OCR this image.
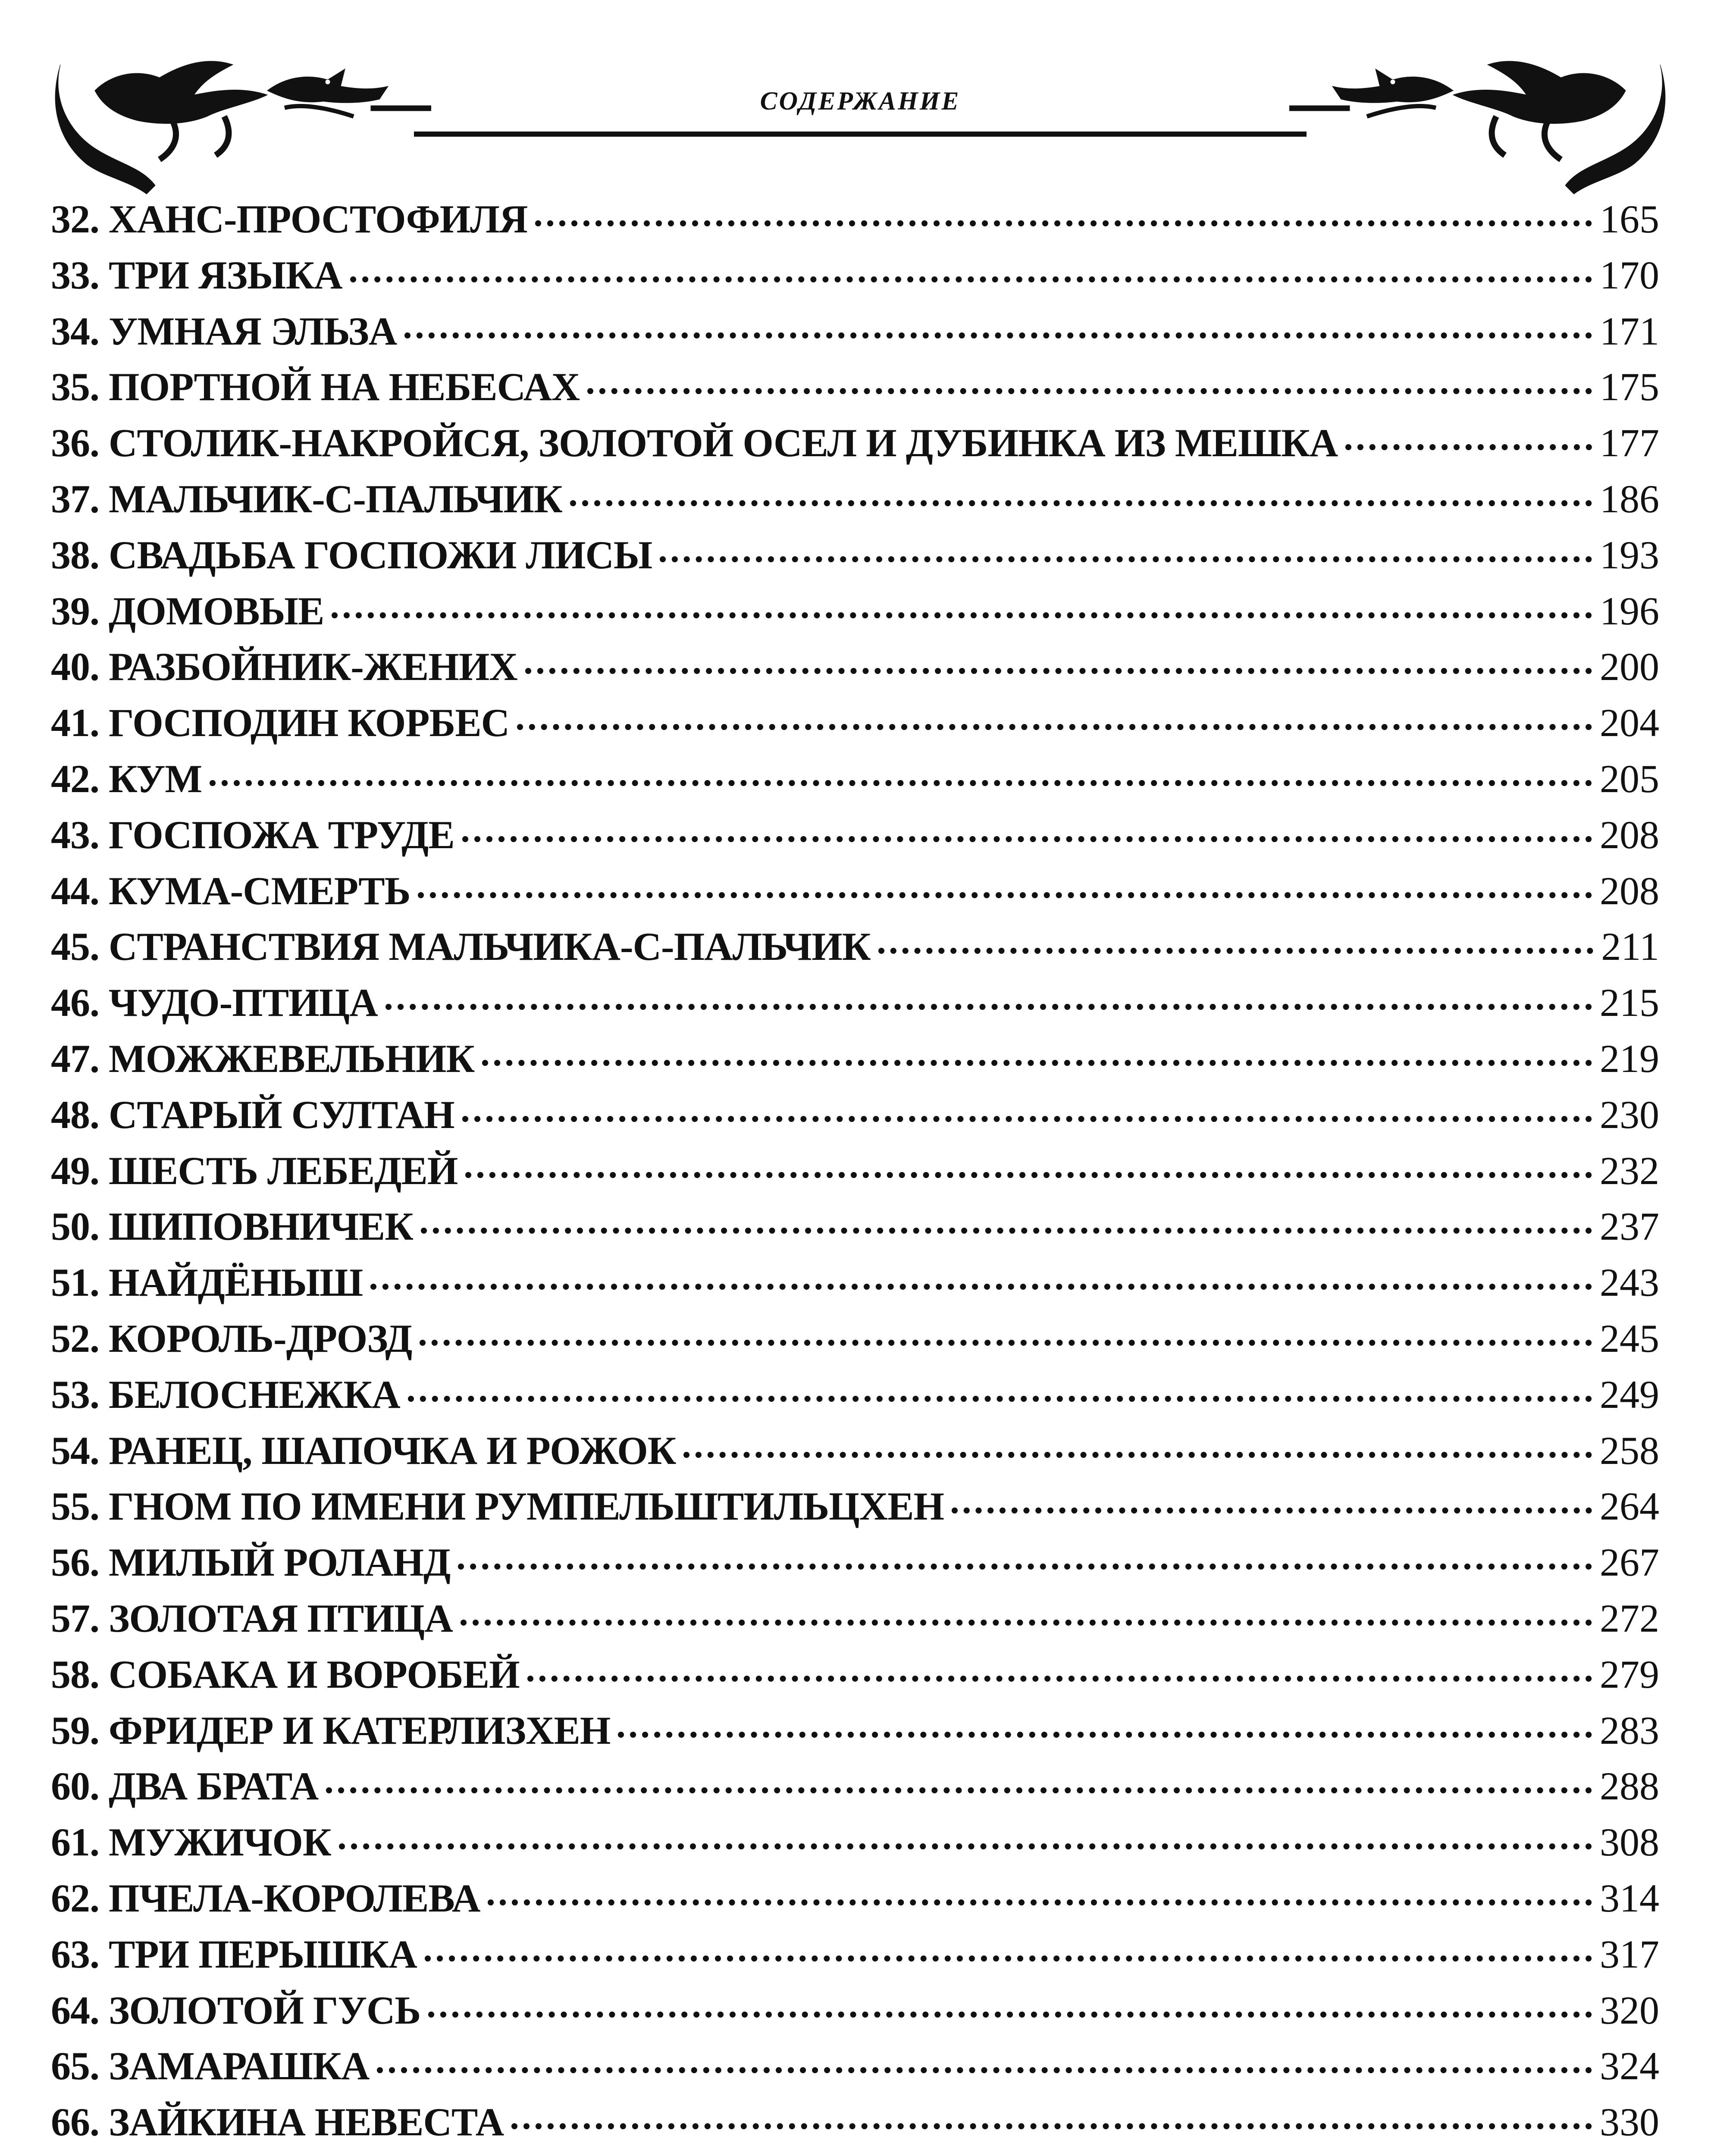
СОДЕРЖАНИЕ
32. ХАНС-ПРОСТОФИЛЯ	165
33. ТРИ ЯЗЫКА	170
34. УМНАЯ ЭЛЬЗА	171
35. ПОРТНОЙ НА НЕБЕСАХ	175
36. СТОЛИК-НАКРОЙСЯ, ЗОЛОТОЙ ОСЕЛ И ДУБИНКА ИЗ МЕШКА	177
37. МАЛЬЧИК-С-ПАЛЬЧИК	186
38. СВАДЬБА ГОСПОЖИ ЛИСЫ	193
39. ДОМОВЫЕ	196
40. РАЗБОЙНИК-ЖЕНИХ	200
41. ГОСПОДИН КОРБЕС	204
42. КУМ	205
43. ГОСПОЖА ТРУДЕ	208
44. КУМА-СМЕРТЬ	208
45. СТРАНСТВИЯ МАЛЬЧИКА-С-ПАЛЬЧИК	211
46. ЧУДО-ПТИЦА	215
47. МОЖЖЕВЕЛЬНИК	219
48. СТАРЫЙ СУЛТАН	230
49. ШЕСТЬ ЛЕБЕДЕЙ	232
50. ШИПОВНИЧЕК	237
51. НАЙДЁНЫШ	243
52. КОРОЛЬ-ДРОЗД	245
53. БЕЛОСНЕЖКА	249
54. РАНЕЦ, ШАПОЧКА И РОЖОК	258
55. ГНОМ ПО ИМЕНИ РУМПЕЛЬШТИЛЬЦХЕН	264
56. МИЛЫЙ РОЛАНД	267
57. ЗОЛОТАЯ ПТИЦА	272
58. СОБАКА И ВОРОБЕЙ	279
59. ФРИДЕР И КАТЕРЛИЗХЕН	283
60. ДВА БРАТА	288
61. МУЖИЧОК	308
62. ПЧЕЛА-КОРОЛЕВА	314
63. ТРИ ПЕРЫШКА	317
64. ЗОЛОТОЙ ГУСЬ	320
65. ЗАМАРАШКА	324
66. ЗАЙКИНА НЕВЕСТА	330
